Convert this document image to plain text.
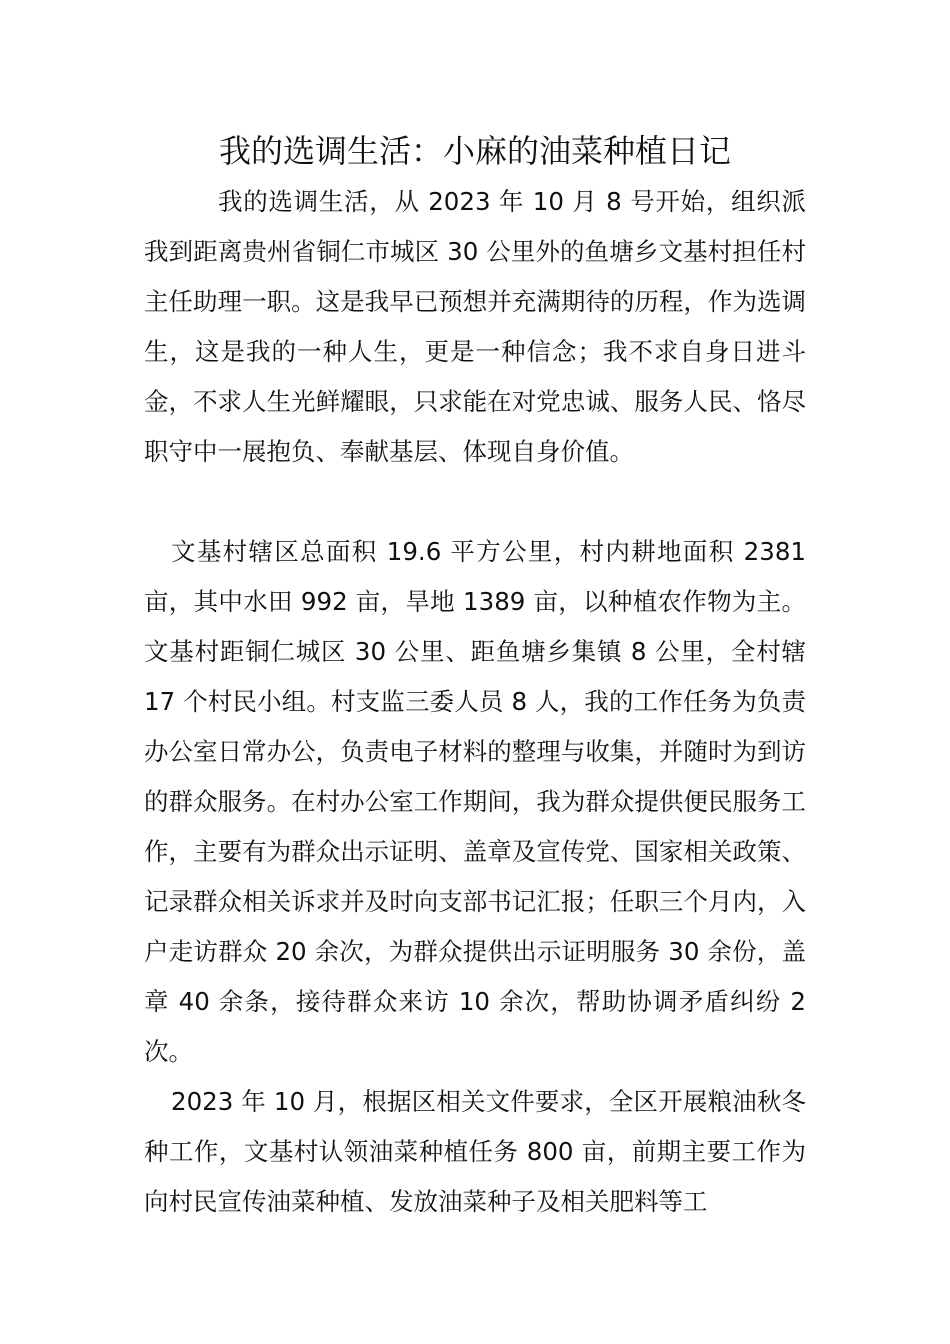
我的选调生活：小麻的油菜种植日记

我的选调生活，从 2023 年 10 月 8 号开始，组织派我到距离贵州省铜仁市城区 30 公里外的鱼塘乡文基村担任村主任助理一职。这是我早已预想并充满期待的历程，作为选调生，这是我的一种人生，更是一种信念；我不求自身日进斗金，不求人生光鲜耀眼，只求能在对党忠诚、服务人民、恪尽职守中一展抱负、奉献基层、体现自身价值。

文基村辖区总面积 19.6 平方公里，村内耕地面积 2381 亩，其中水田 992 亩，旱地 1389 亩，以种植农作物为主。文基村距铜仁城区 30 公里、距鱼塘乡集镇 8 公里，全村辖 17 个村民小组。村支监三委人员 8 人，我的工作任务为负责办公室日常办公，负责电子材料的整理与收集，并随时为到访的群众服务。在村办公室工作期间，我为群众提供便民服务工作，主要有为群众出示证明、盖章及宣传党、国家相关政策、记录群众相关诉求并及时向支部书记汇报；任职三个月内，入户走访群众 20 余次，为群众提供出示证明服务 30 余份，盖章 40 余条，接待群众来访 10 余次，帮助协调矛盾纠纷 2 次。

2023 年 10 月，根据区相关文件要求，全区开展粮油秋冬种工作，文基村认领油菜种植任务 800 亩，前期主要工作为向村民宣传油菜种植、发放油菜种子及相关肥料等工
